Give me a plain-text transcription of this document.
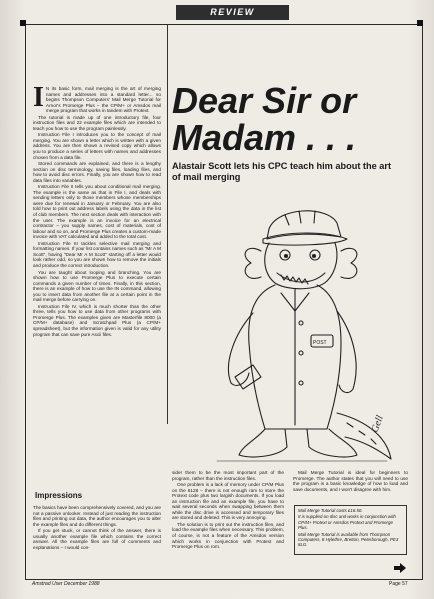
REVIEW

I N its basic form, mail merging is the art of merging names and addresses into a standard letter... so begins Thompson Computers' Mail Merge Tutorial for Arnor's Promerge Plus – the CP/M+ or Amsdos mail merge program that works in tandem with Protext.

The tutorial is made up of one introductory file, four instruction files and 22 example files which are intended to teach you how to use the program painlessly.

Instruction File I introduces you to the concept of mail merging. You are shown a letter which is written with a given address. You are then shown a revised copy which allows you to produce a series of letters with names and addresses chosen from a data file.

Stored commands are explained, and there is a lengthy section on disc terminology, saving files, loading files, and how to avoid disc errors. Finally, you are shown how to read data files into variables.

Instruction File II tells you about conditional mail merging. The example is the same as that in File I, and deals with sending letters only to those members whose memberships were due for renewal in January or February. You are also told how to print out address labels using the data in the list of club members. The next section deals with interaction with the user. The example is an invoice for an electrical contractor – you supply names, cost of materials, cost of labour and so on, and Promerge Plus creates a custom-made invoice with VAT calculated and added to the total cost.

Instruction File III tackles selective mail merging and formatting names. If your list contains names such as "Mr A M Scott", having "Dear Mr A M Scott" starting off a letter would look rather odd, so you are shown how to remove the initials and produce the correct introduction.

You are taught about looping and branching. You are shown how to use Promerge Plus to execute certain commands a given number of times. Finally, in this section, there is an example of how to use the IN command, allowing you to insert data from another file at a certain point in the mail merge before carrying on.

Instruction File IV, which is much shorter than the other three, tells you how to use data from other programs with Promerge Plus. The examples given are Masterfile 8000 (a CP/M+ database) and Scratchpad Plus (a CP/M+ spreadsheet), but the information given is valid for any utility program that can save pure Ascii files.

Impressions

The basics have been comprehensively covered, and you are not a passive onlooker. Instead of just reading the instruction files and printing out data, the author encourages you to alter the example files and do different things.

If you get stuck, or cannot think of the answer, there is usually another example file which contains the correct answer. All the example files are full of comments and explanations – I would con-

Dear Sir or
Madam . . .
Alastair Scott lets his CPC teach him about the art of mail merging
POST
Gell

sider them to be the most important part of the program, rather than the instruction files.

One problem is a lack of memory under CP/M Plus on the 6128 – there is not enough ram to store the Protext code plus two largish documents. If you load an instruction file and an example file, you have to wait several seconds when swapping between them while the disc drive is accessed and temporary files are stored and deleted. This is very annoying.

The solution is to print out the instruction files, and load the example files when necessary. This problem, of course, is not a feature of the Amsdos version which works in conjunction with Protext and Promerge Plus on rom.

Mail Merge Tutorial is ideal for beginners to Promerge. The author states that you will need to use the program is a basic knowledge of how to load and save documents, and I won't disagree with him.

Mail Merge Tutorial costs £16.50.

It is supplied on disc and works in conjunction with CP/M+ Protext or Amsdos Protext and Promerge Plus.

Mail Merge Tutorial is available from Thompson Computers, 8 Hylethre, Bretton, Peterborough, PE3 8LG.

Amstrad User December 1988	Page 57
